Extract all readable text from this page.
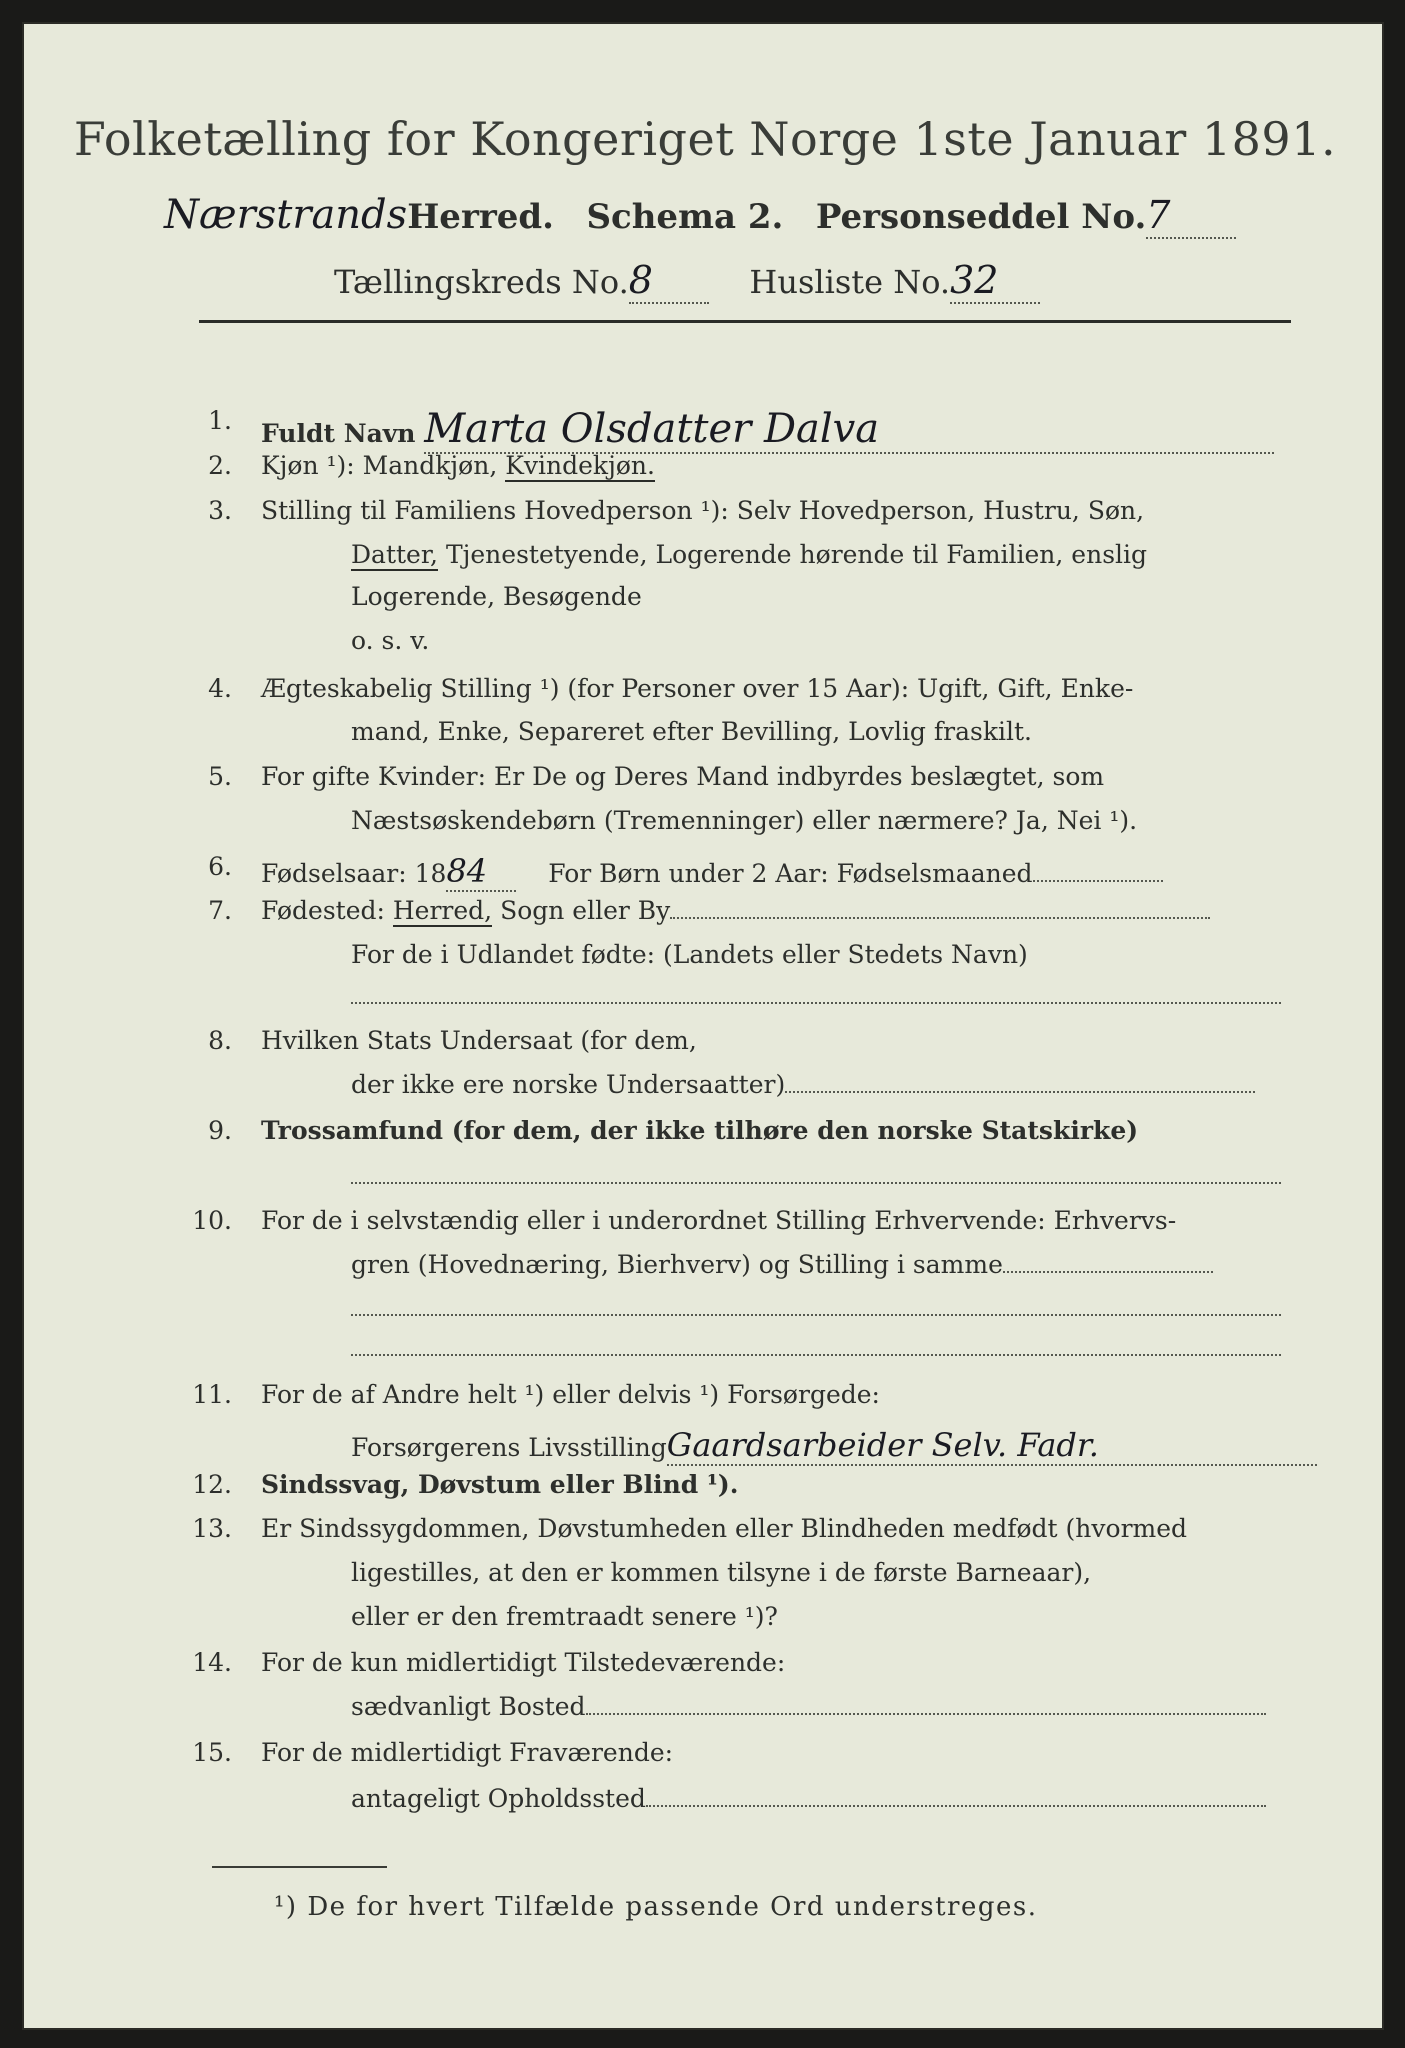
Folketælling for Kongeriget Norge 1ste Januar 1891.
NærstrandsHerred. Schema 2. Personseddel No.7
Tællingskreds No.8	Husliste No.32
1. Fuldt Navn Marta Olsdatter Dalva
2. Kjøn ¹): Mandkjøn, Kvindekjøn.
3. Stilling til Familiens Hovedperson ¹): Selv Hovedperson, Hustru, Søn,
Datter, Tjenestetyende, Logerende hørende til Familien, enslig
Logerende, Besøgende
o. s. v.
4. Ægteskabelig Stilling ¹) (for Personer over 15 Aar): Ugift, Gift, Enke-
mand, Enke, Separeret efter Bevilling, Lovlig fraskilt.
5. For gifte Kvinder: Er De og Deres Mand indbyrdes beslægtet, som
Næstsøskendebørn (Tremenninger) eller nærmere? Ja, Nei ¹).
6. Fødselsaar: 1884 For Børn under 2 Aar: Fødselsmaaned
7. Fødested: Herred, Sogn eller By
For de i Udlandet fødte: (Landets eller Stedets Navn)
8. Hvilken Stats Undersaat (for dem,
der ikke ere norske Undersaatter)
9. Trossamfund (for dem, der ikke tilhøre den norske Statskirke)
10. For de i selvstændig eller i underordnet Stilling Erhvervende: Erhvervs-
gren (Hovednæring, Bierhverv) og Stilling i samme
11. For de af Andre helt ¹) eller delvis ¹) Forsørgede:
Forsørgerens LivsstillingGaardsarbeider Selv. Fadr.
12. Sindssvag, Døvstum eller Blind ¹).
13. Er Sindssygdommen, Døvstumheden eller Blindheden medfødt (hvormed
ligestilles, at den er kommen tilsyne i de første Barneaar),
eller er den fremtraadt senere ¹)?
14. For de kun midlertidigt Tilstedeværende:
sædvanligt Bosted
15. For de midlertidigt Fraværende:
antageligt Opholdssted
¹) De for hvert Tilfælde passende Ord understreges.
